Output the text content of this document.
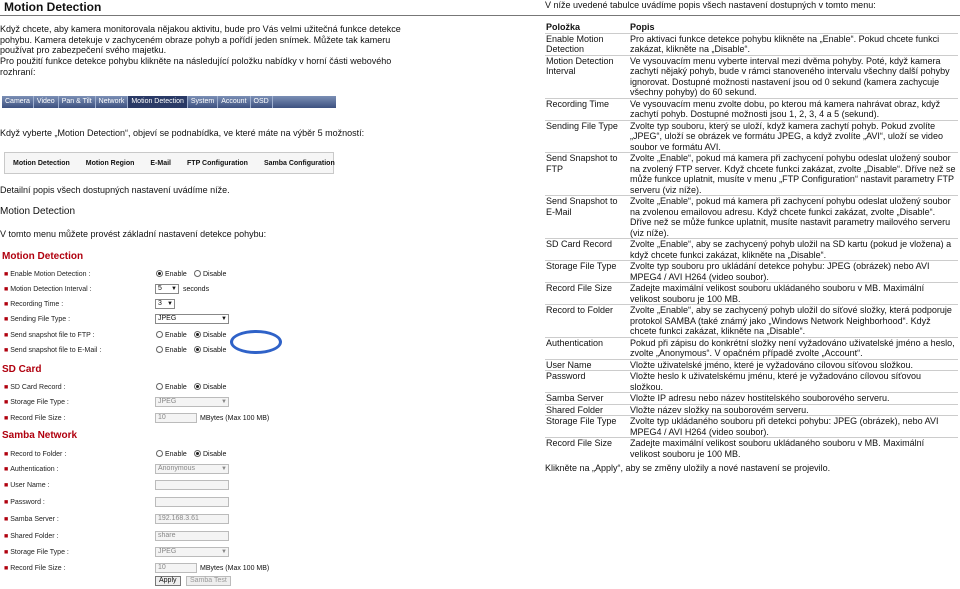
Motion Detection
Když chcete, aby kamera monitorovala nějakou aktivitu, bude pro Vás velmi užitečná funkce detekce pohybu. Kamera detekuje v zachyceném obraze pohyb a pořídí jeden snímek. Můžete tak kameru používat pro zabezpečení svého majetku.
Pro použití funkce detekce pohybu klikněte na následující položku nabídky v horní části webového rozhraní:
Camera	Video	Pan & Tilt	Network	Motion Detection	System	Account	OSD
Když vyberte „Motion Detection“, objeví se podnabídka, ve které máte na výběr 5 možností:
Motion Detection	Motion Region	E-Mail	FTP Configuration	Samba Configuration
Detailní popis všech dostupných nastavení uvádíme níže.
Motion Detection
V tomto menu můžete provést základní nastavení detekce pohybu:
Motion Detection
■ Enable Motion Detection :	Enable	Disable
■ Motion Detection Interval :	5 ▼ seconds
■ Recording Time :	3 ▼
■ Sending File Type :	JPEG	▼
■ Send snapshot file to FTP :	Enable	Disable
■ Send snapshot file to E-Mail :	Enable	Disable
SD Card
■ SD Card Record :	Enable	Disable
■ Storage File Type :	JPEG	▼
■ Record File Size :	10	MBytes (Max 100 MB)
Samba Network
■ Record to Folder :	Enable	Disable
■ Authentication :	Anonymous	▼
■ User Name :
■ Password :
■ Samba Server :	192.168.3.61
■ Shared Folder :	share
■ Storage File Type :	JPEG	▼
■ Record File Size :	10	MBytes (Max 100 MB)
Apply	Samba Test
V níže uvedené tabulce uvádíme popis všech nastavení dostupných v tomto menu:
Položka	Popis
Enable Motion Detection	Pro aktivaci funkce detekce pohybu klikněte na „Enable“. Pokud chcete funkci zakázat, klikněte na „Disable“.
Motion Detection Interval	Ve vysouvacím menu vyberte interval mezi dvěma pohyby. Poté, když kamera zachytí nějaký pohyb, bude v rámci stanoveného intervalu všechny další pohyby ignorovat. Dostupné možnosti nastavení jsou od 0 sekund (kamera zachycuje všechny pohyby) do 60 sekund.
Recording Time	Ve vysouvacím menu zvolte dobu, po kterou má kamera nahrávat obraz, když zachytí pohyb. Dostupné možnosti jsou 1, 2, 3, 4 a 5 (sekund).
Sending File Type	Zvolte typ souboru, který se uloží, když kamera zachytí pohyb. Pokud zvolíte „JPEG“, uloží se obrázek ve formátu JPEG, a když zvolíte „AVI“, uloží se video soubor ve formátu AVI.
Send Snapshot to FTP	Zvolte „Enable“, pokud má kamera při zachycení pohybu odeslat uložený soubor na zvolený FTP server. Když chcete funkci zakázat, zvolte „Disable“. Dříve než se může funkce uplatnit, musíte v menu „FTP Configuration“ nastavit parametry FTP serveru (viz níže).
Send Snapshot to E-Mail	Zvolte „Enable“, pokud má kamera při zachycení pohybu odeslat uložený soubor na zvolenou emailovou adresu. Když chcete funkci zakázat, zvolte „Disable“. Dříve než se může funkce uplatnit, musíte nastavit parametry mailového serveru (viz níže).
SD Card Record	Zvolte „Enable“, aby se zachycený pohyb uložil na SD kartu (pokud je vložena) a když chcete funkci zakázat, klikněte na „Disable“.
Storage File Type	Zvolte typ souboru pro ukládání detekce pohybu: JPEG (obrázek) nebo AVI MPEG4 / AVI H264 (video soubor).
Record File Size	Zadejte maximální velikost souboru ukládaného souboru v MB. Maximální velikost souboru je 100 MB.
Record to Folder	Zvolte „Enable“, aby se zachycený pohyb uložil do síťové složky, která podporuje protokol SAMBA (také známý jako „Windows Network Neighborhood“. Když chcete funkci zakázat, klikněte na „Disable“.
Authentication	Pokud při zápisu do konkrétní složky není vyžadováno uživatelské jméno a heslo, zvolte „Anonymous“. V opačném případě zvolte „Account“.
User Name	Vložte uživatelské jméno, které je vyžadováno cílovou síťovou složkou.
Password	Vložte heslo k uživatelskému jménu, které je vyžadováno cílovou síťovou složkou.
Samba Server	Vložte IP adresu nebo název hostitelského souborového serveru.
Shared Folder	Vložte název složky na souborovém serveru.
Storage File Type	Zvolte typ ukládaného souboru při detekci pohybu: JPEG (obrázek), nebo AVI MPEG4 / AVI H264 (video soubor).
Record File Size	Zadejte maximální velikost souboru ukládaného souboru v MB. Maximální velikost souboru je 100 MB.
Klikněte na „Apply“, aby se změny uložily a nové nastavení se projevilo.
